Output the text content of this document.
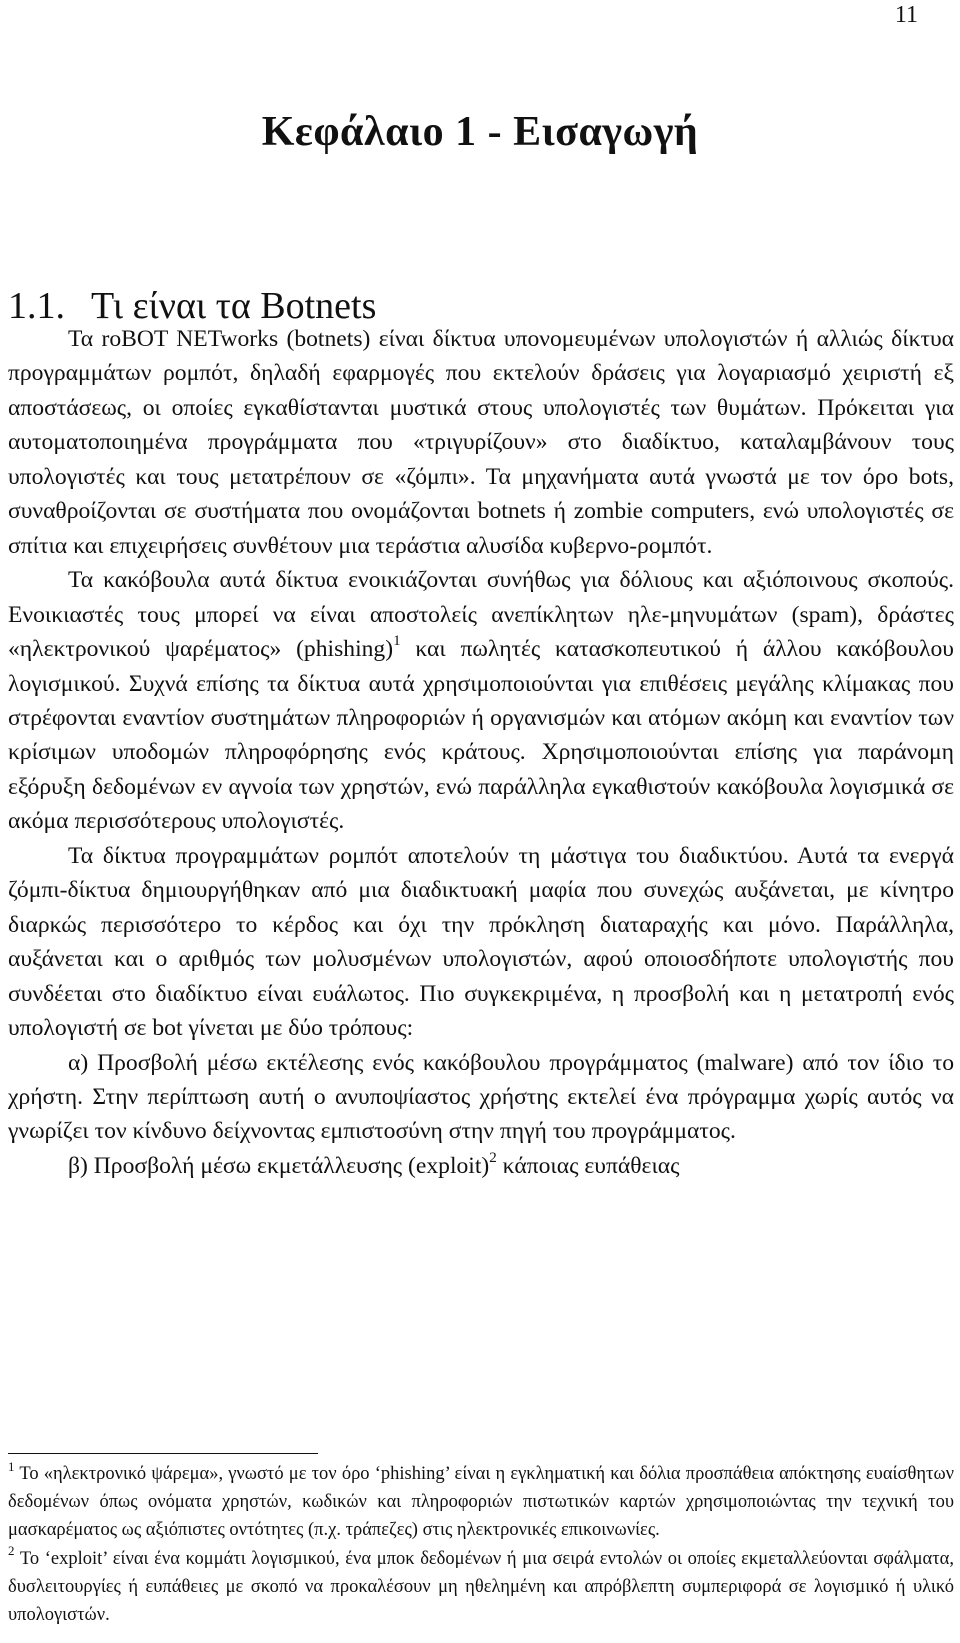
11
Κεφάλαιο 1 - Εισαγωγή
1.1. Τι είναι τα Botnets

Τα roBOT NETworks (botnets) είναι δίκτυα υπονομευμένων υπολογιστών ή αλλιώς δίκτυα προγραμμάτων ρομπότ, δηλαδή εφαρμογές που εκτελούν δράσεις για λογαριασμό χειριστή εξ αποστάσεως, οι οποίες εγκαθίστανται μυστικά στους υπολογιστές των θυμάτων. Πρόκειται για αυτοματοποιημένα προγράμματα που «τριγυρίζουν» στο διαδίκτυο, καταλαμβάνουν τους υπολογιστές και τους μετατρέπουν σε «ζόμπι». Τα μηχανήματα αυτά γνωστά με τον όρο bots, συναθροίζονται σε συστήματα που ονομάζονται botnets ή zombie computers, ενώ υπολογιστές σε σπίτια και επιχειρήσεις συνθέτουν μια τεράστια αλυσίδα κυβερνο-ρομπότ.

Τα κακόβουλα αυτά δίκτυα ενοικιάζονται συνήθως για δόλιους και αξιόποινους σκοπούς. Ενοικιαστές τους μπορεί να είναι αποστολείς ανεπίκλητων ηλε-μηνυμάτων (spam), δράστες «ηλεκτρονικού ψαρέματος» (phishing)$^1$ και πωλητές κατασκοπευτικού ή άλλου κακόβουλου λογισμικού. Συχνά επίσης τα δίκτυα αυτά χρησιμοποιούνται για επιθέσεις μεγάλης κλίμακας που στρέφονται εναντίον συστημάτων πληροφοριών ή οργανισμών και ατόμων ακόμη και εναντίον των κρίσιμων υποδομών πληροφόρησης ενός κράτους. Χρησιμοποιούνται επίσης για παράνομη εξόρυξη δεδομένων εν αγνοία των χρηστών, ενώ παράλληλα εγκαθιστούν κακόβουλα λογισμικά σε ακόμα περισσότερους υπολογιστές.

Τα δίκτυα προγραμμάτων ρομπότ αποτελούν τη μάστιγα του διαδικτύου. Αυτά τα ενεργά ζόμπι-δίκτυα δημιουργήθηκαν από μια διαδικτυακή μαφία που συνεχώς αυξάνεται, με κίνητρο διαρκώς περισσότερο το κέρδος και όχι την πρόκληση διαταραχής και μόνο. Παράλληλα, αυξάνεται και ο αριθμός των μολυσμένων υπολογιστών, αφού οποιοσδήποτε υπολογιστής που συνδέεται στο διαδίκτυο είναι ευάλωτος. Πιο συγκεκριμένα, η προσβολή και η μετατροπή ενός υπολογιστή σε bot γίνεται με δύο τρόπους:

α) Προσβολή μέσω εκτέλεσης ενός κακόβουλου προγράμματος (malware) από τον ίδιο το χρήστη. Στην περίπτωση αυτή ο ανυποψίαστος χρήστης εκτελεί ένα πρόγραμμα χωρίς αυτός να γνωρίζει τον κίνδυνο δείχνοντας εμπιστοσύνη στην πηγή του προγράμματος.

β) Προσβολή μέσω εκμετάλλευσης (exploit)$^2$ κάποιας ευπάθειας

$^1$ Το «ηλεκτρονικό ψάρεμα», γνωστό με τον όρο ‘phishing’ είναι η εγκληματική και δόλια προσπάθεια απόκτησης ευαίσθητων δεδομένων όπως ονόματα χρηστών, κωδικών και πληροφοριών πιστωτικών καρτών χρησιμοποιώντας την τεχνική του μασκαρέματος ως αξιόπιστες οντότητες (π.χ. τράπεζες) στις ηλεκτρονικές επικοινωνίες.

$^2$ Το ‘exploit’ είναι ένα κομμάτι λογισμικού, ένα μποκ δεδομένων ή μια σειρά εντολών οι οποίες εκμεταλλεύονται σφάλματα, δυσλειτουργίες ή ευπάθειες με σκοπό να προκαλέσουν μη ηθελημένη και απρόβλεπτη συμπεριφορά σε λογισμικό ή υλικό υπολογιστών.
